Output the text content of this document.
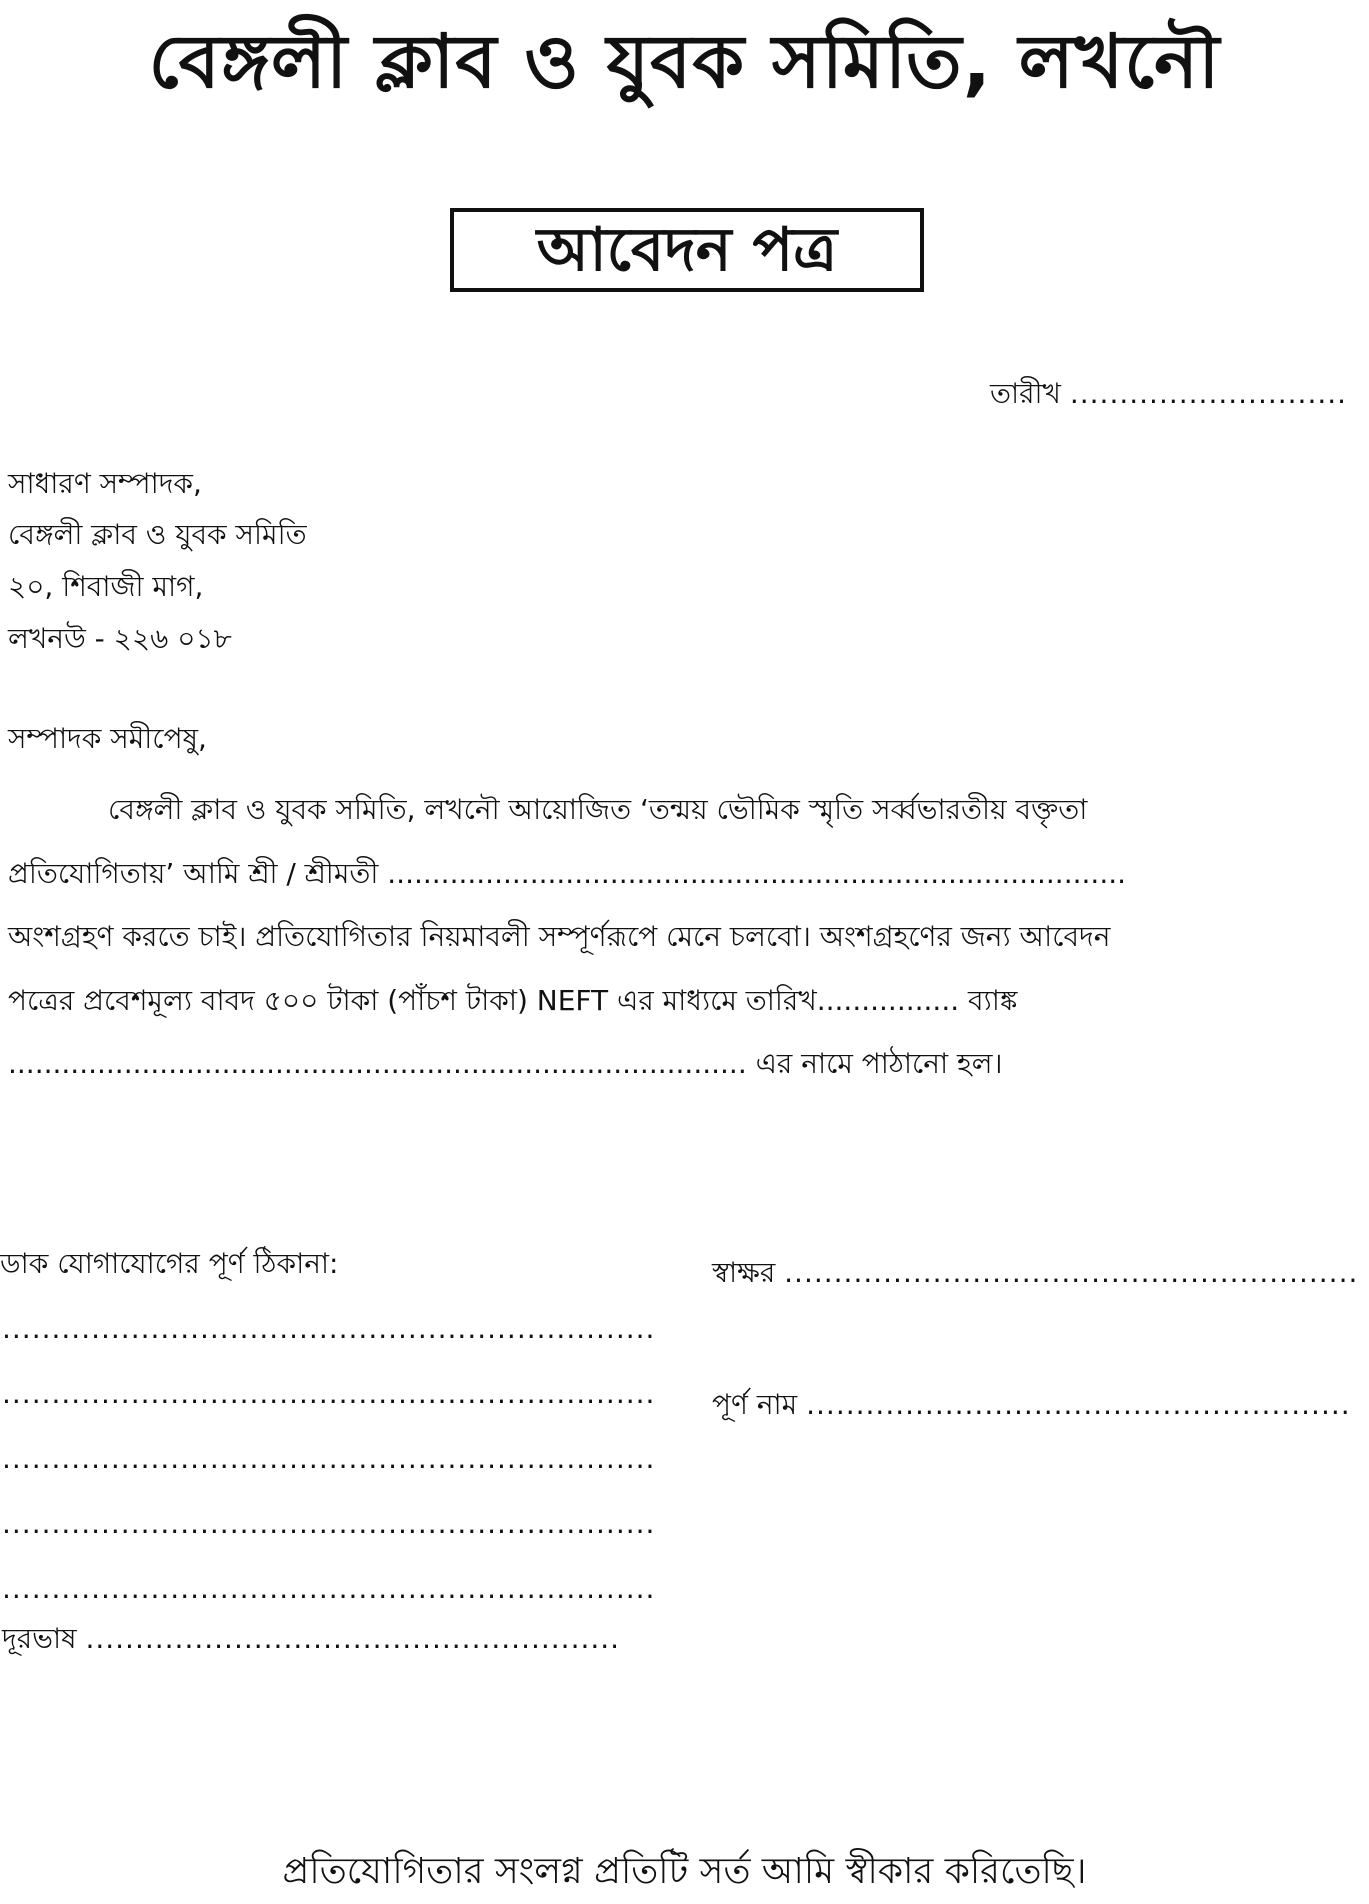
বেঙ্গলী ক্লাব ও যুবক সমিতি, লখনৌ
আবেদন পত্র
তারীখ ............................
সাধারণ সম্পাদক,
বেঙ্গলী ক্লাব ও যুবক সমিতি
২০, শিবাজী মাগ,
লখনউ - ২২৬ ০১৮
সম্পাদক সমীপেষু,
বেঙ্গলী ক্লাব ও যুবক সমিতি, লখনৌ আয়োজিত ‘তন্ময় ভৌমিক স্মৃতি সর্ব্বভারতীয় বক্তৃতা
প্রতিযোগিতায়’ আমি শ্রী / শ্রীমতী ...................................................................................
অংশগ্রহণ করতে চাই। প্রতিযোগিতার নিয়মাবলী সম্পূর্ণরূপে মেনে চলবো। অংশগ্রহণের জন্য আবেদন
পত্রের প্রবেশমূল্য বাবদ ৫০০ টাকা (পাঁচশ টাকা) NEFT এর মাধ্যমে তারিখ................ ব্যাঙ্ক
................................................................................... এর নামে পাঠানো হল।
ডাক যোগাযোগের পূর্ণ ঠিকানা:
..................................................................
..................................................................
..................................................................
..................................................................
..................................................................
দূরভাষ ......................................................
স্বাক্ষর ..........................................................
পূর্ণ নাম .......................................................
প্রতিযোগিতার সংলগ্ন প্রতিটি সর্ত আমি স্বীকার করিতেছি।
